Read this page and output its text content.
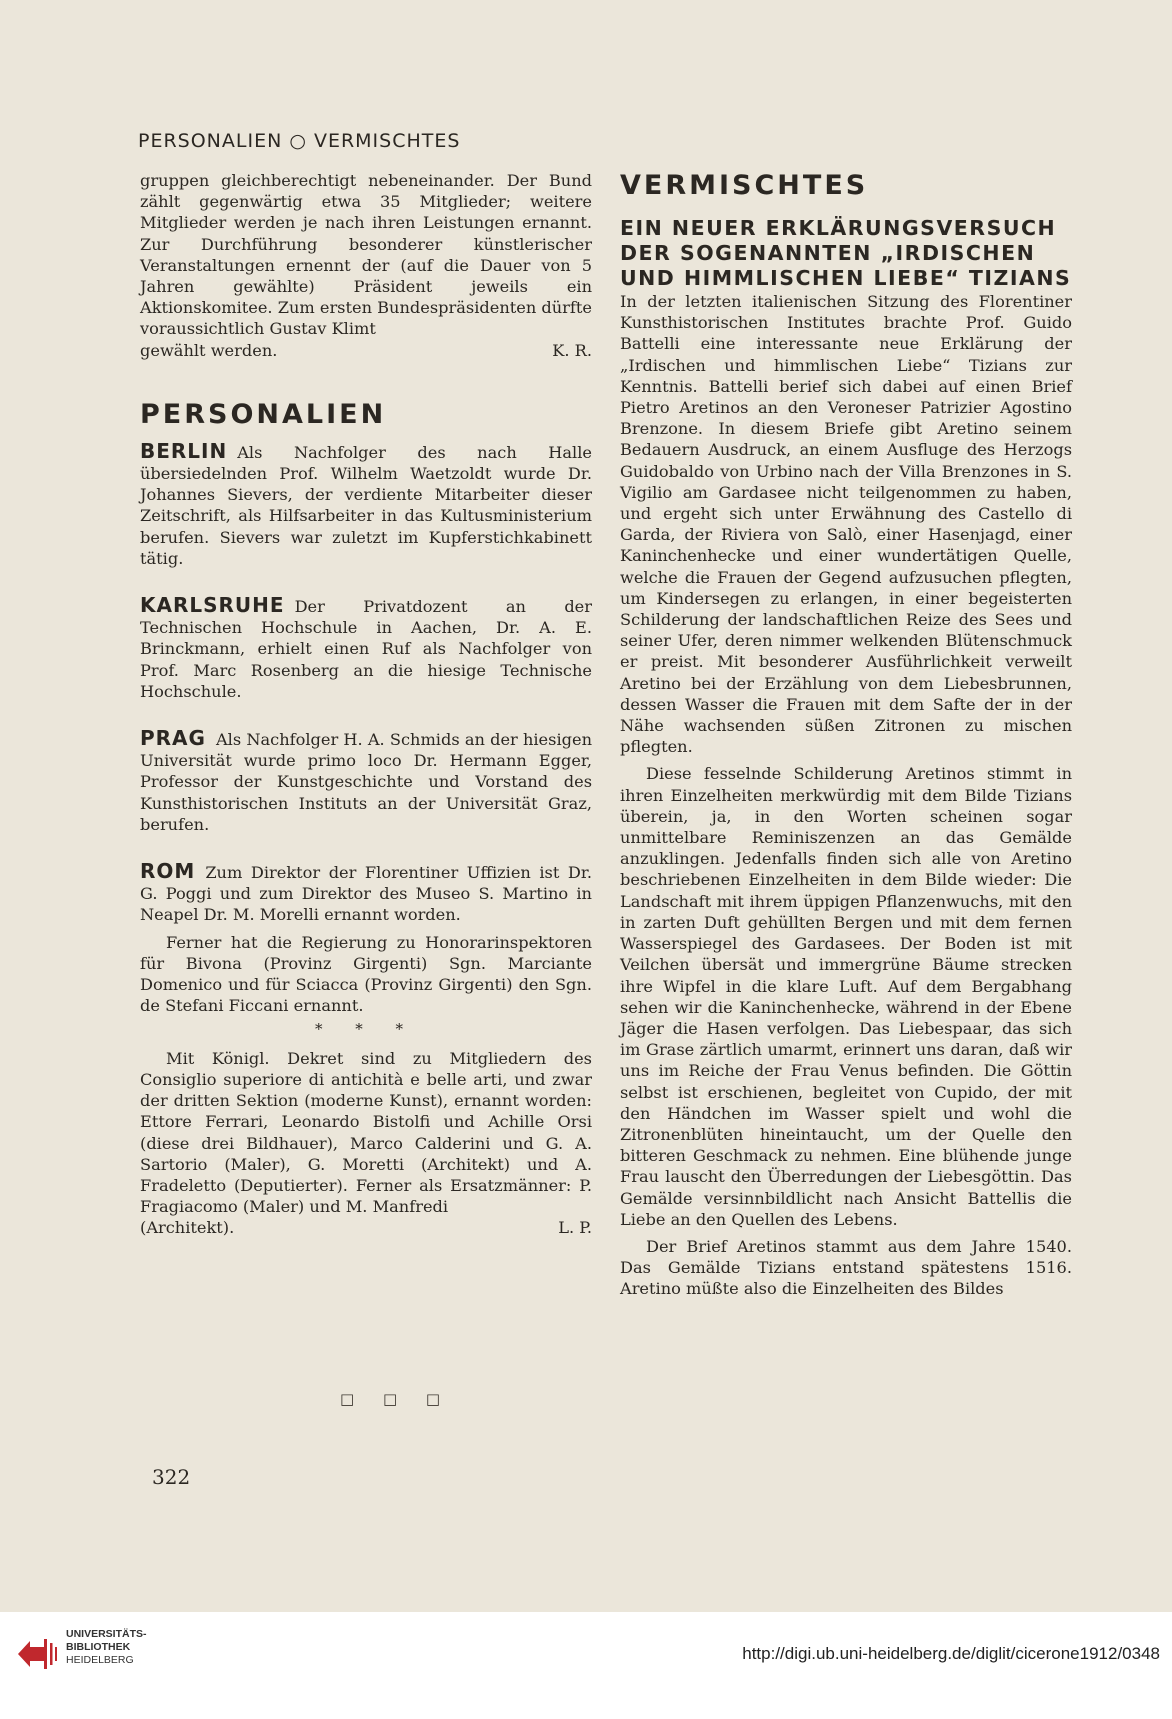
PERSONALIEN ○ VERMISCHTES

gruppen gleichberechtigt nebeneinander. Der Bund zählt gegenwärtig etwa 35 Mitglieder; weitere Mitglieder werden je nach ihren Leistungen ernannt. Zur Durchführung besonderer künstlerischer Veranstaltungen ernennt der (auf die Dauer von 5 Jahren gewählte) Präsident jeweils ein Aktionskomitee. Zum ersten Bundespräsidenten dürfte voraussichtlich Gustav Klimt

gewählt werden.	K. R.
PERSONALIEN

BERLIN Als Nachfolger des nach Halle übersiedelnden Prof. Wilhelm Waetzoldt wurde Dr. Johannes Sievers, der verdiente Mitarbeiter dieser Zeitschrift, als Hilfsarbeiter in das Kultusministerium berufen. Sievers war zuletzt im Kupferstichkabinett tätig.

KARLSRUHE Der Privatdozent an der Technischen Hochschule in Aachen, Dr. A. E. Brinckmann, erhielt einen Ruf als Nachfolger von Prof. Marc Rosenberg an die hiesige Technische Hochschule.

PRAG Als Nachfolger H. A. Schmids an der hiesigen Universität wurde primo loco Dr. Hermann Egger, Professor der Kunstgeschichte und Vorstand des Kunsthistorischen Instituts an der Universität Graz, berufen.

ROM Zum Direktor der Florentiner Uffizien ist Dr. G. Poggi und zum Direktor des Museo S. Martino in Neapel Dr. M. Morelli ernannt worden.

Ferner hat die Regierung zu Honorarinspektoren für Bivona (Provinz Girgenti) Sgn. Marciante Domenico und für Sciacca (Provinz Girgenti) den Sgn. de Stefani Ficcani ernannt.

* * *

Mit Königl. Dekret sind zu Mitgliedern des Consiglio superiore di antichità e belle arti, und zwar der dritten Sektion (moderne Kunst), ernannt worden: Ettore Ferrari, Leonardo Bistolfi und Achille Orsi (diese drei Bildhauer), Marco Calderini und G. A. Sartorio (Maler), G. Moretti (Architekt) und A. Fradeletto (Deputierter). Ferner als Ersatzmänner: P. Fragiacomo (Maler) und M. Manfredi

(Architekt).	L. P.
□ □ □
VERMISCHTES
EIN NEUER ERKLÄRUNGSVERSUCH DER SOGENANNTEN „IRDISCHEN UND HIMMLISCHEN LIEBE“ TIZIANS

In der letzten italienischen Sitzung des Florentiner Kunsthistorischen Institutes brachte Prof. Guido Battelli eine interessante neue Erklärung der „Irdischen und himmlischen Liebe“ Tizians zur Kenntnis. Battelli berief sich dabei auf einen Brief Pietro Aretinos an den Veroneser Patrizier Agostino Brenzone. In diesem Briefe gibt Aretino seinem Bedauern Ausdruck, an einem Ausfluge des Herzogs Guidobaldo von Urbino nach der Villa Brenzones in S. Vigilio am Gardasee nicht teilgenommen zu haben, und ergeht sich unter Erwähnung des Castello di Garda, der Riviera von Salò, einer Hasenjagd, einer Kaninchenhecke und einer wundertätigen Quelle, welche die Frauen der Gegend aufzusuchen pflegten, um Kindersegen zu erlangen, in einer begeisterten Schilderung der landschaftlichen Reize des Sees und seiner Ufer, deren nimmer welkenden Blütenschmuck er preist. Mit besonderer Ausführlichkeit verweilt Aretino bei der Erzählung von dem Liebesbrunnen, dessen Wasser die Frauen mit dem Safte der in der Nähe wachsenden süßen Zitronen zu mischen pflegten.

Diese fesselnde Schilderung Aretinos stimmt in ihren Einzelheiten merkwürdig mit dem Bilde Tizians überein, ja, in den Worten scheinen sogar unmittelbare Reminiszenzen an das Gemälde anzuklingen. Jedenfalls finden sich alle von Aretino beschriebenen Einzelheiten in dem Bilde wieder: Die Landschaft mit ihrem üppigen Pflanzenwuchs, mit den in zarten Duft gehüllten Bergen und mit dem fernen Wasserspiegel des Gardasees. Der Boden ist mit Veilchen übersät und immergrüne Bäume strecken ihre Wipfel in die klare Luft. Auf dem Bergabhang sehen wir die Kaninchenhecke, während in der Ebene Jäger die Hasen verfolgen. Das Liebespaar, das sich im Grase zärtlich umarmt, erinnert uns daran, daß wir uns im Reiche der Frau Venus befinden. Die Göttin selbst ist erschienen, begleitet von Cupido, der mit den Händchen im Wasser spielt und wohl die Zitronenblüten hineintaucht, um der Quelle den bitteren Geschmack zu nehmen. Eine blühende junge Frau lauscht den Überredungen der Liebesgöttin. Das Gemälde versinnbildlicht nach Ansicht Battellis die Liebe an den Quellen des Lebens.

Der Brief Aretinos stammt aus dem Jahre 1540. Das Gemälde Tizians entstand spätestens 1516. Aretino müßte also die Einzelheiten des Bildes

322
UNIVERSITÄTS-
BIBLIOTHEK
HEIDELBERG	http://digi.ub.uni-heidelberg.de/diglit/cicerone1912/0348
